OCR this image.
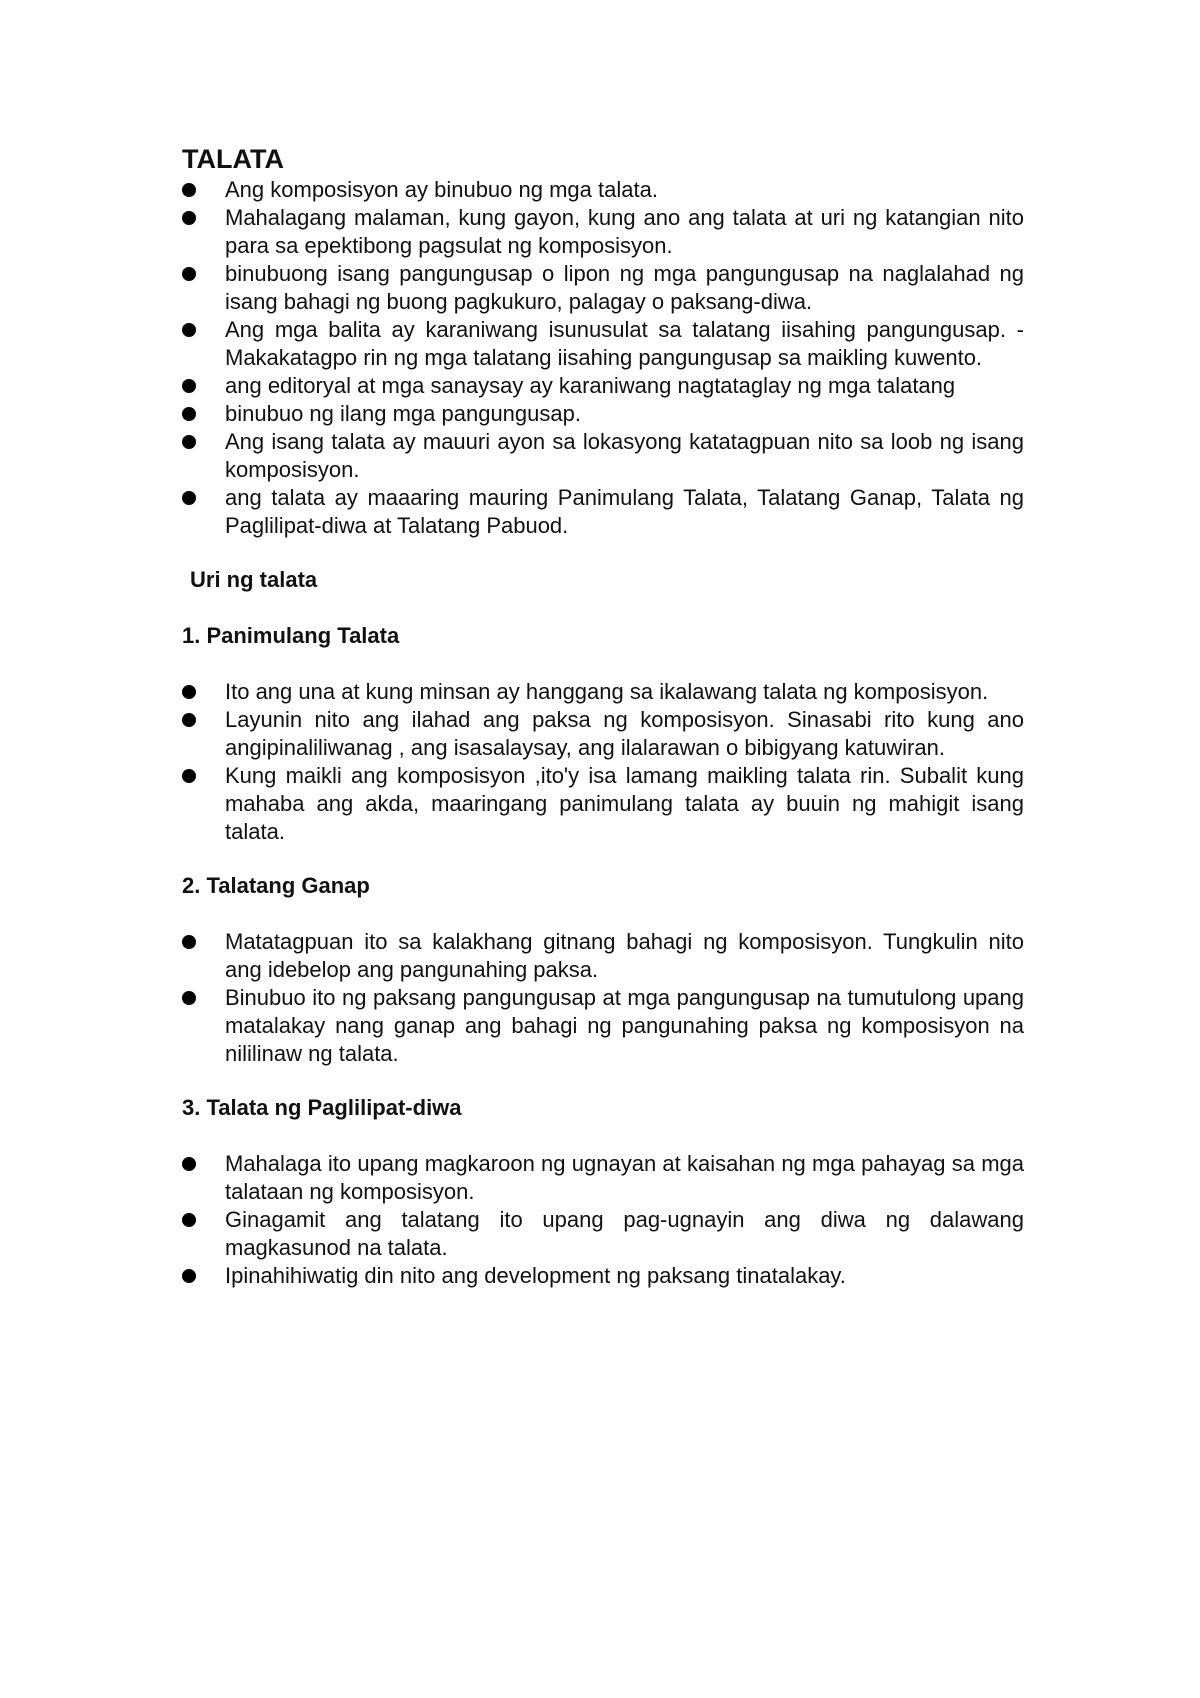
TALATA
Ang komposisyon ay binubuo ng mga talata.
Mahalagang malaman, kung gayon, kung ano ang talata at uri ng katangian nito para sa epektibong pagsulat ng komposisyon.
binubuong isang pangungusap o lipon ng mga pangungusap na naglalahad ng isang bahagi ng buong pagkukuro, palagay o paksang-diwa.
Ang mga balita ay karaniwang isunusulat sa talatang iisahing pangungusap. - Makakatagpo rin ng mga talatang iisahing pangungusap sa maikling kuwento.
ang editoryal at mga sanaysay ay karaniwang nagtataglay ng mga talatang
binubuo ng ilang mga pangungusap.
Ang isang talata ay mauuri ayon sa lokasyong katatagpuan nito sa loob ng isang komposisyon.
ang talata ay maaaring mauring Panimulang Talata, Talatang Ganap, Talata ng Paglilipat-diwa at Talatang Pabuod.
Uri ng talata
1. Panimulang Talata
Ito ang una at kung minsan ay hanggang sa ikalawang talata ng komposisyon.
Layunin nito ang ilahad ang paksa ng komposisyon. Sinasabi rito kung ano angipinaliliwanag , ang isasalaysay, ang ilalarawan o bibigyang katuwiran.
Kung maikli ang komposisyon ,ito'y isa lamang maikling talata rin. Subalit kung mahaba ang akda, maaringang panimulang talata ay buuin ng mahigit isang talata.
2. Talatang Ganap
Matatagpuan ito sa kalakhang gitnang bahagi ng komposisyon. Tungkulin nito ang idebelop ang pangunahing paksa.
Binubuo ito ng paksang pangungusap at mga pangungusap na tumutulong upang matalakay nang ganap ang bahagi ng pangunahing paksa ng komposisyon na nililinaw ng talata.
3. Talata ng Paglilipat-diwa
Mahalaga ito upang magkaroon ng ugnayan at kaisahan ng mga pahayag sa mga talataan ng komposisyon.
Ginagamit ang talatang ito upang pag-ugnayin ang diwa ng dalawang magkasunod na talata.
Ipinahihiwatig din nito ang development ng paksang tinatalakay.
